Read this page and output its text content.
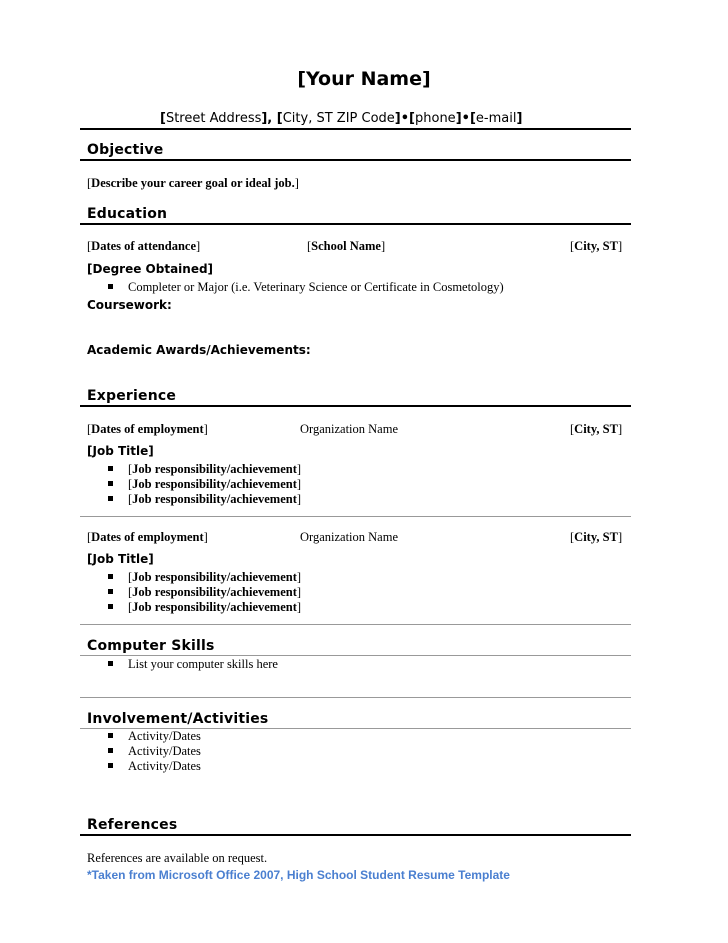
[Your Name]
[Street Address], [City, ST ZIP Code]•[phone]•[e-mail]
Objective
[Describe your career goal or ideal job.]
Education
[Dates of attendance]	[School Name]	[City, ST]
[Degree Obtained]
Completer or Major (i.e. Veterinary Science or Certificate in Cosmetology)
Coursework:
Academic Awards/Achievements:
Experience
[Dates of employment]	Organization Name	[City, ST]
[Job Title]
[Job responsibility/achievement]
[Job responsibility/achievement]
[Job responsibility/achievement]
[Dates of employment]	Organization Name	[City, ST]
[Job Title]
[Job responsibility/achievement]
[Job responsibility/achievement]
[Job responsibility/achievement]
Computer Skills
List your computer skills here
Involvement/Activities
Activity/Dates
Activity/Dates
Activity/Dates
References
References are available on request.
*Taken from Microsoft Office 2007, High School Student Resume Template
